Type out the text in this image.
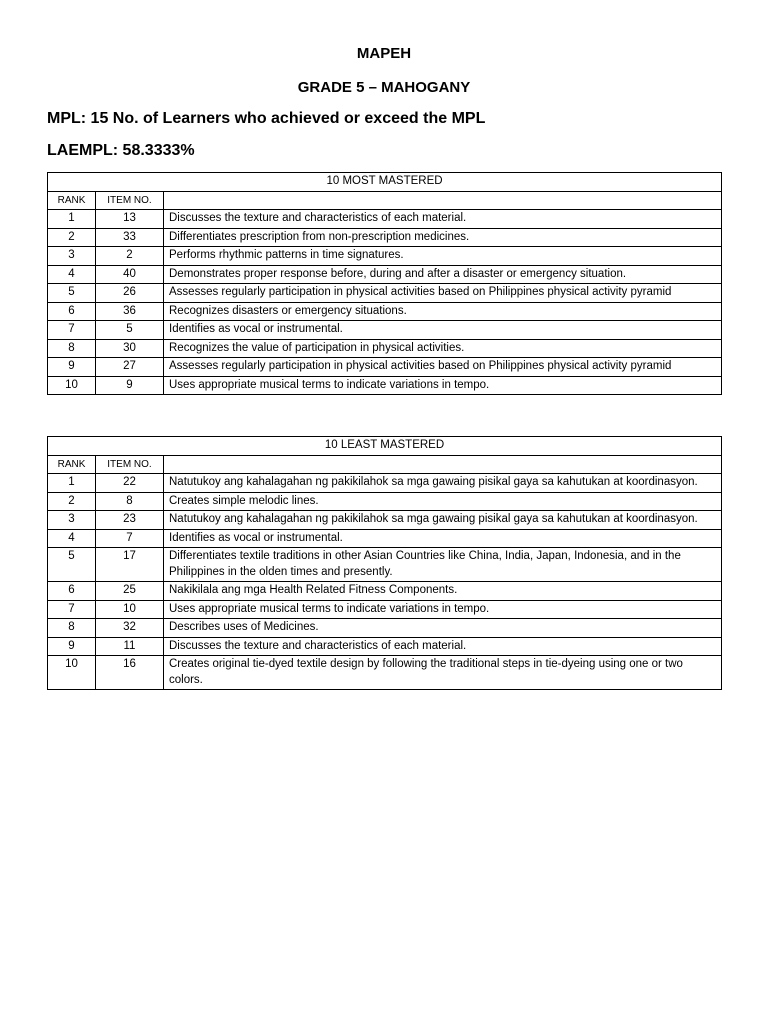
MAPEH
GRADE 5 – MAHOGANY
MPL: 15 No. of Learners who achieved or exceed the MPL
LAEMPL: 58.3333%
10 MOST MASTERED		
RANK	ITEM NO.	
1	13	Discusses the texture and characteristics of each material.
2	33	Differentiates prescription from non-prescription medicines.
3	2	Performs rhythmic patterns in time signatures.
4	40	Demonstrates proper response before, during and after a disaster or emergency situation.
5	26	Assesses regularly participation in physical activities based on Philippines physical activity pyramid
6	36	Recognizes disasters or emergency situations.
7	5	Identifies as vocal or instrumental.
8	30	Recognizes the value of participation in physical activities.
9	27	Assesses regularly participation in physical activities based on Philippines physical activity pyramid
10	9	Uses appropriate musical terms to indicate variations in tempo.
10 LEAST MASTERED		
RANK	ITEM NO.	
1	22	Natutukoy ang kahalagahan ng pakikilahok sa mga gawaing pisikal gaya sa kahutukan at koordinasyon.
2	8	Creates simple melodic lines.
3	23	Natutukoy ang kahalagahan ng pakikilahok sa mga gawaing pisikal gaya sa kahutukan at koordinasyon.
4	7	Identifies as vocal or instrumental.
5	17	Differentiates textile traditions in other Asian Countries like China, India, Japan, Indonesia, and in the Philippines in the olden times and presently.
6	25	Nakikilala ang mga Health Related Fitness Components.
7	10	Uses appropriate musical terms to indicate variations in tempo.
8	32	Describes uses of Medicines.
9	11	Discusses the texture and characteristics of each material.
10	16	Creates original tie-dyed textile design by following the traditional steps in tie-dyeing using one or two colors.
